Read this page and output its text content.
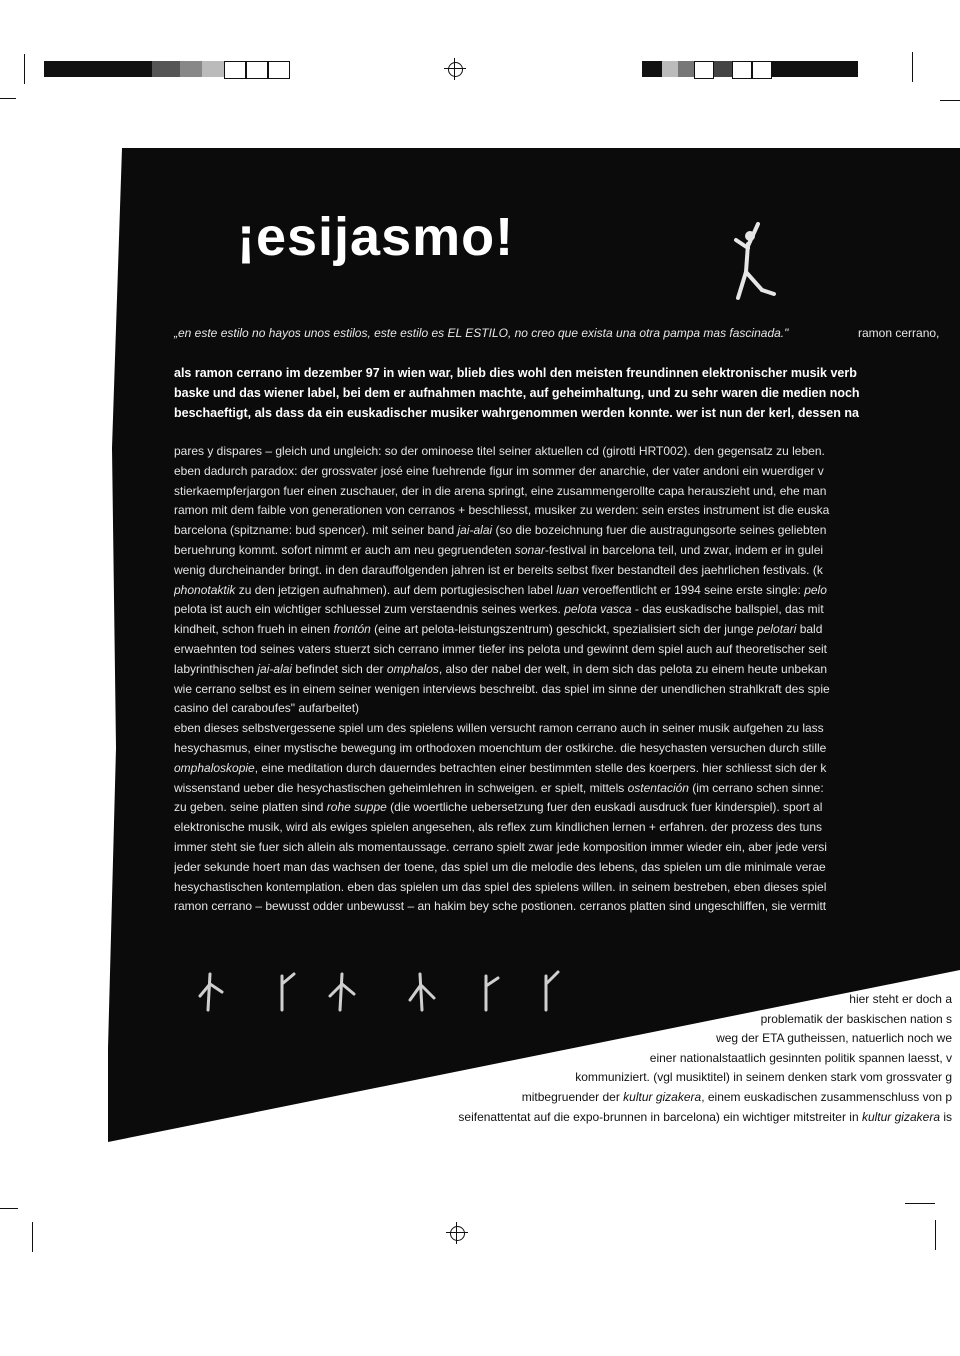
¡esijasmo!
„en este estilo no hayos unos estilos, este estilo es EL ESTILO, no creo que exista una otra pampa mas fascinada."	ramon cerrano,
als ramon cerrano im dezember 97 in wien war, blieb dies wohl den meisten freundinnen elektronischer musik verb
baske und das wiener label, bei dem er aufnahmen machte, auf geheimhaltung, und zu sehr waren die medien noch
beschaeftigt, als dass da ein euskadischer musiker wahrgenommen werden konnte. wer ist nun der kerl, dessen na
pares y dispares – gleich und ungleich: so der ominoese titel seiner aktuellen cd (girotti HRT002). den gegensatz zu leben.
eben dadurch paradox: der grossvater josé eine fuehrende figur im sommer der anarchie, der vater andoni ein wuerdiger v
stierkaempferjargon fuer einen zuschauer, der in die arena springt, eine zusammengerollte capa herauszieht und, ehe man
ramon mit dem faible von generationen von cerranos + beschliesst, musiker zu werden: sein erstes instrument ist die euska
barcelona (spitzname: bud spencer). mit seiner band jai-alai (so die bozeichnung fuer die austragungsorte seines geliebten
beruehrung kommt. sofort nimmt er auch am neu gegruendeten sonar-festival in barcelona teil, und zwar, indem er in gulei
wenig durcheinander bringt. in den darauffolgenden jahren ist er bereits selbst fixer bestandteil des jaehrlichen festivals. (k
phonotaktik zu den jetzigen aufnahmen). auf dem portugiesischen label luan veroeffentlicht er 1994 seine erste single: pelo
pelota ist auch ein wichtiger schluessel zum verstaendnis seines werkes. pelota vasca - das euskadische ballspiel, das mit
kindheit, schon frueh in einen frontón (eine art pelota-leistungszentrum) geschickt, spezialisiert sich der junge pelotari bald
erwaehnten tod seines vaters stuerzt sich cerrano immer tiefer ins pelota und gewinnt dem spiel auch auf theoretischer seit
labyrinthischen jai-alai befindet sich der omphalos, also der nabel der welt, in dem sich das pelota zu einem heute unbekan
wie cerrano selbst es in einem seiner wenigen interviews beschreibt. das spiel im sinne der unendlichen strahlkraft des spie
casino del caraboufes" aufarbeitet)
eben dieses selbstvergessene spiel um des spielens willen versucht ramon cerrano auch in seiner musik aufgehen zu lass
hesychasmus, einer mystische bewegung im orthodoxen moenchtum der ostkirche. die hesychasten versuchen durch stille
omphaloskopie, eine meditation durch dauerndes betrachten einer bestimmten stelle des koerpers. hier schliesst sich der k
wissenstand ueber die hesychastischen geheimlehren in schweigen. er spielt, mittels ostentación (im cerrano schen sinne:
zu geben. seine platten sind rohe suppe (die woertliche uebersetzung fuer den euskadi ausdruck fuer kinderspiel). sport al
elektronische musik, wird als ewiges spielen angesehen, als reflex zum kindlichen lernen + erfahren. der prozess des tuns
immer steht sie fuer sich allein als momentaussage. cerrano spielt zwar jede komposition immer wieder ein, aber jede versi
jeder sekunde hoert man das wachsen der toene, das spiel um die melodie des lebens, das spielen um die minimale verae
hesychastischen kontemplation. eben das spielen um das spiel des spielens willen. in seinem bestreben, eben dieses spiel
ramon cerrano – bewusst odder unbewusst – an hakim bey sche postionen. cerranos platten sind ungeschliffen, sie vermitt
hier steht er doch a
problematik der baskischen nation s
weg der ETA gutheissen, natuerlich noch we
einer nationalstaatlich gesinnten politik spannen laesst, v
kommuniziert. (vgl musiktitel) in seinem denken stark vom grossvater g
mitbegruender der kultur gizakera, einem euskadischen zusammenschluss von p
seifenattentat auf die expo-brunnen in barcelona) ein wichtiger mitstreiter in kultur gizakera is
